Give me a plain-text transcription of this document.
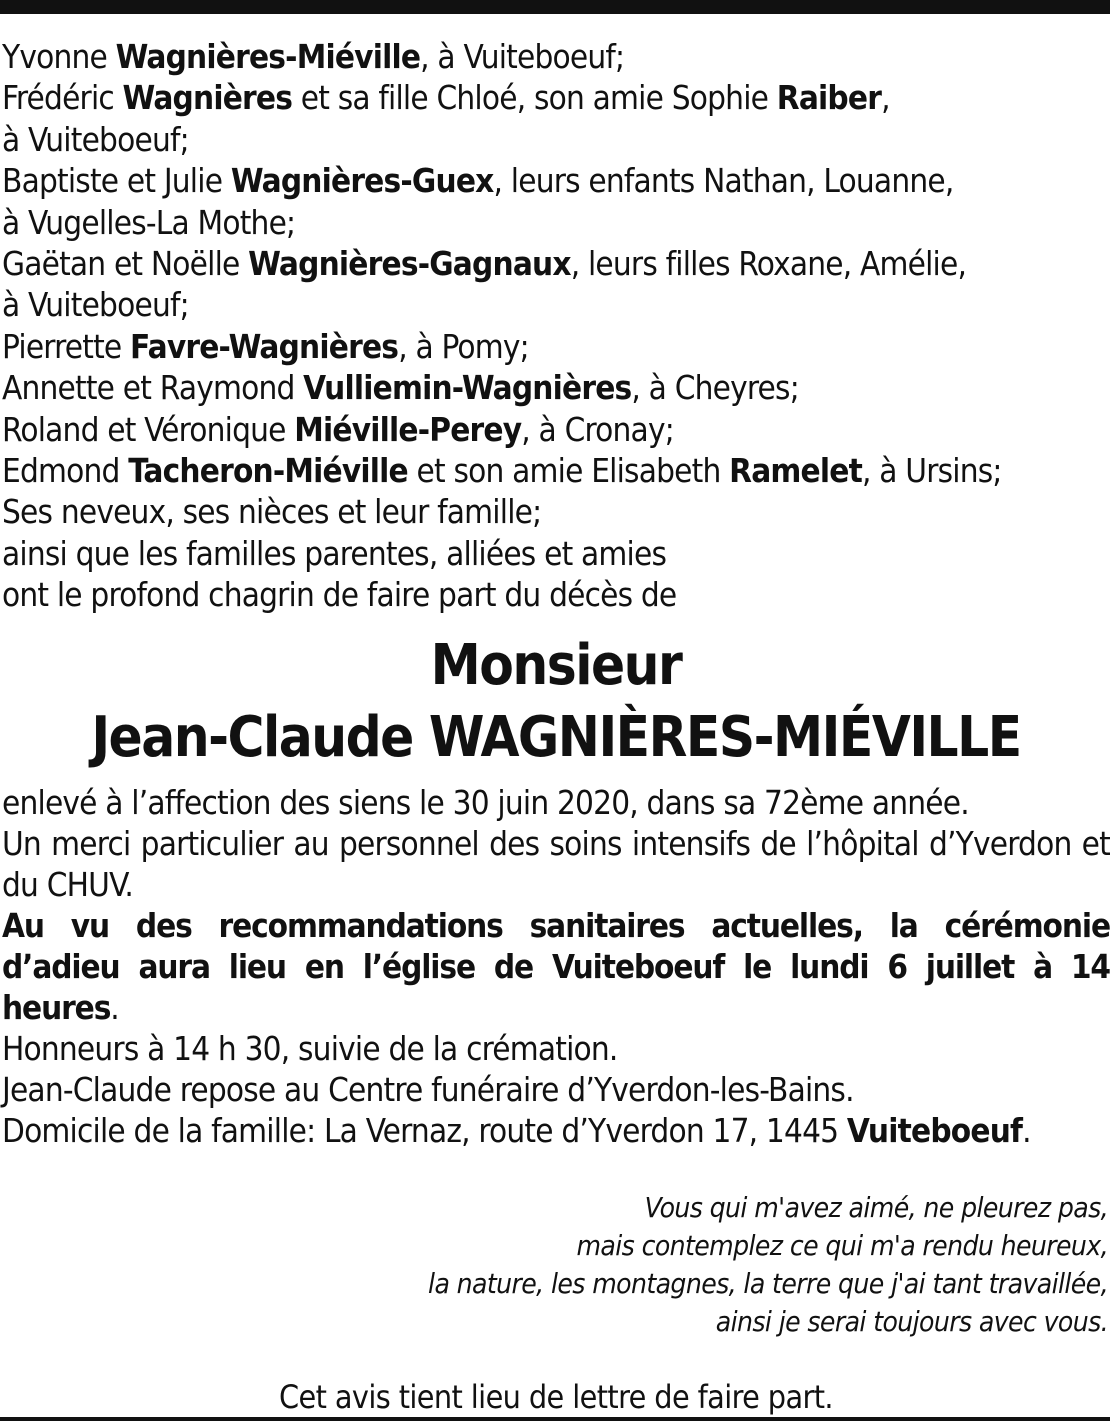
Yvonne Wagnières-Miéville, à Vuiteboeuf;
Frédéric Wagnières et sa fille Chloé, son amie Sophie Raiber,
à Vuiteboeuf;
Baptiste et Julie Wagnières-Guex, leurs enfants Nathan, Louanne,
à Vugelles-La Mothe;
Gaëtan et Noëlle Wagnières-Gagnaux, leurs filles Roxane, Amélie,
à Vuiteboeuf;
Pierrette Favre-Wagnières, à Pomy;
Annette et Raymond Vulliemin-Wagnières, à Cheyres;
Roland et Véronique Miéville-Perey, à Cronay;
Edmond Tacheron-Miéville et son amie Elisabeth Ramelet, à Ursins;
Ses neveux, ses nièces et leur famille;
ainsi que les familles parentes, alliées et amies
ont le profond chagrin de faire part du décès de
Monsieur
Jean-Claude WAGNIÈRES-MIÉVILLE
enlevé à l’affection des siens le 30 juin 2020, dans sa 72ème année.
Un merci particulier au personnel des soins intensifs de l’hôpital d’Yverdon et du CHUV.
Au vu des recommandations sanitaires actuelles, la cérémonie d’adieu aura lieu en l’église de Vuiteboeuf le lundi 6 juillet à 14 heures.
Honneurs à 14 h 30, suivie de la crémation.
Jean-Claude repose au Centre funéraire d’Yverdon-les-Bains.
Domicile de la famille: La Vernaz, route d’Yverdon 17, 1445 Vuiteboeuf.
Vous qui m'avez aimé, ne pleurez pas,
mais contemplez ce qui m'a rendu heureux,
la nature, les montagnes, la terre que j'ai tant travaillée,
ainsi je serai toujours avec vous.
Cet avis tient lieu de lettre de faire part.
